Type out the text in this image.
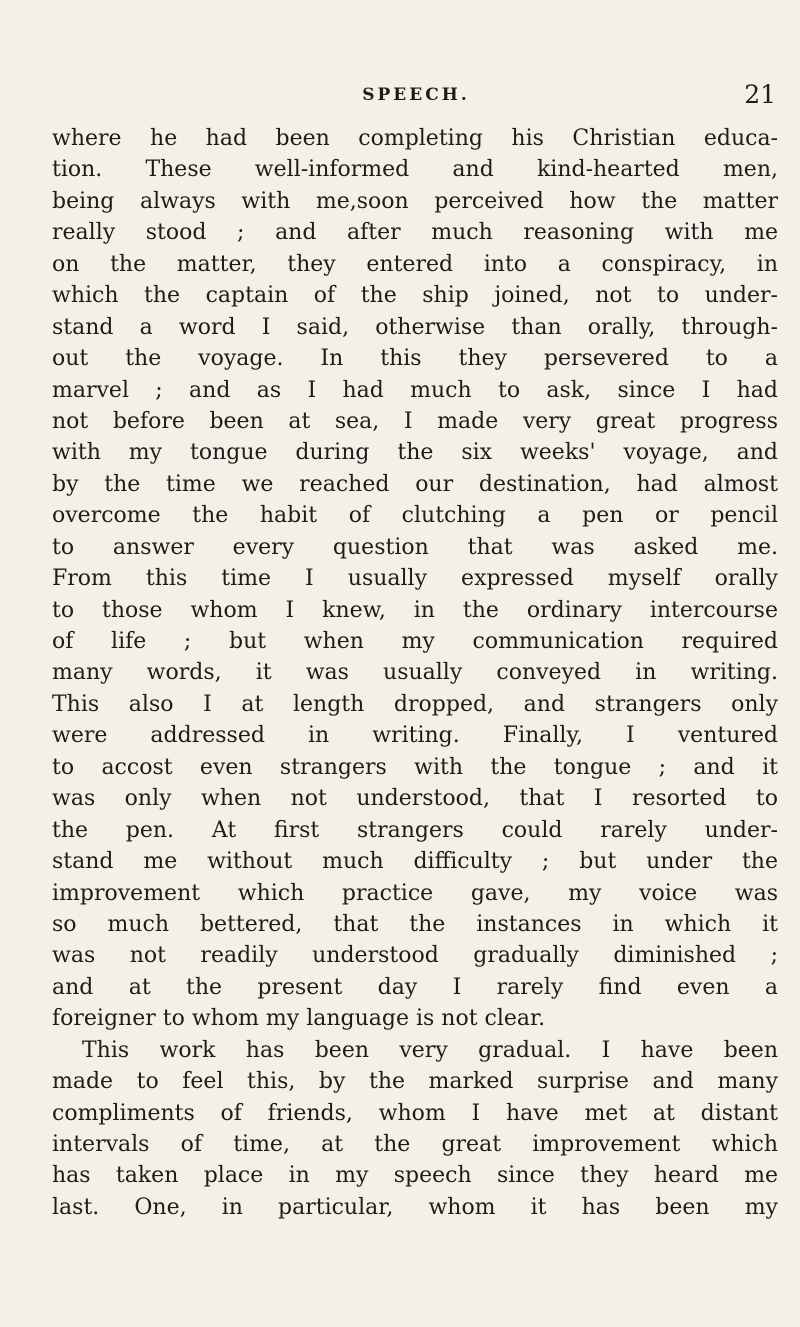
SPEECH.	21
where he had been completing his Christian educa-
tion. These well-informed and kind-hearted men,
being always with me,soon perceived how the matter
really stood ; and after much reasoning with me
on the matter, they entered into a conspiracy, in
which the captain of the ship joined, not to under-
stand a word I said, otherwise than orally, through-
out the voyage. In this they persevered to a
marvel ; and as I had much to ask, since I had
not before been at sea, I made very great progress
with my tongue during the six weeks' voyage, and
by the time we reached our destination, had almost
overcome the habit of clutching a pen or pencil
to answer every question that was asked me.
From this time I usually expressed myself orally
to those whom I knew, in the ordinary intercourse
of life ; but when my communication required
many words, it was usually conveyed in writing.
This also I at length dropped, and strangers only
were addressed in writing. Finally, I ventured
to accost even strangers with the tongue ; and it
was only when not understood, that I resorted to
the pen. At first strangers could rarely under-
stand me without much difficulty ; but under the
improvement which practice gave, my voice was
so much bettered, that the instances in which it
was not readily understood gradually diminished ;
and at the present day I rarely find even a
foreigner to whom my language is not clear.
This work has been very gradual. I have been
made to feel this, by the marked surprise and many
compliments of friends, whom I have met at distant
intervals of time, at the great improvement which
has taken place in my speech since they heard me
last. One, in particular, whom it has been my
